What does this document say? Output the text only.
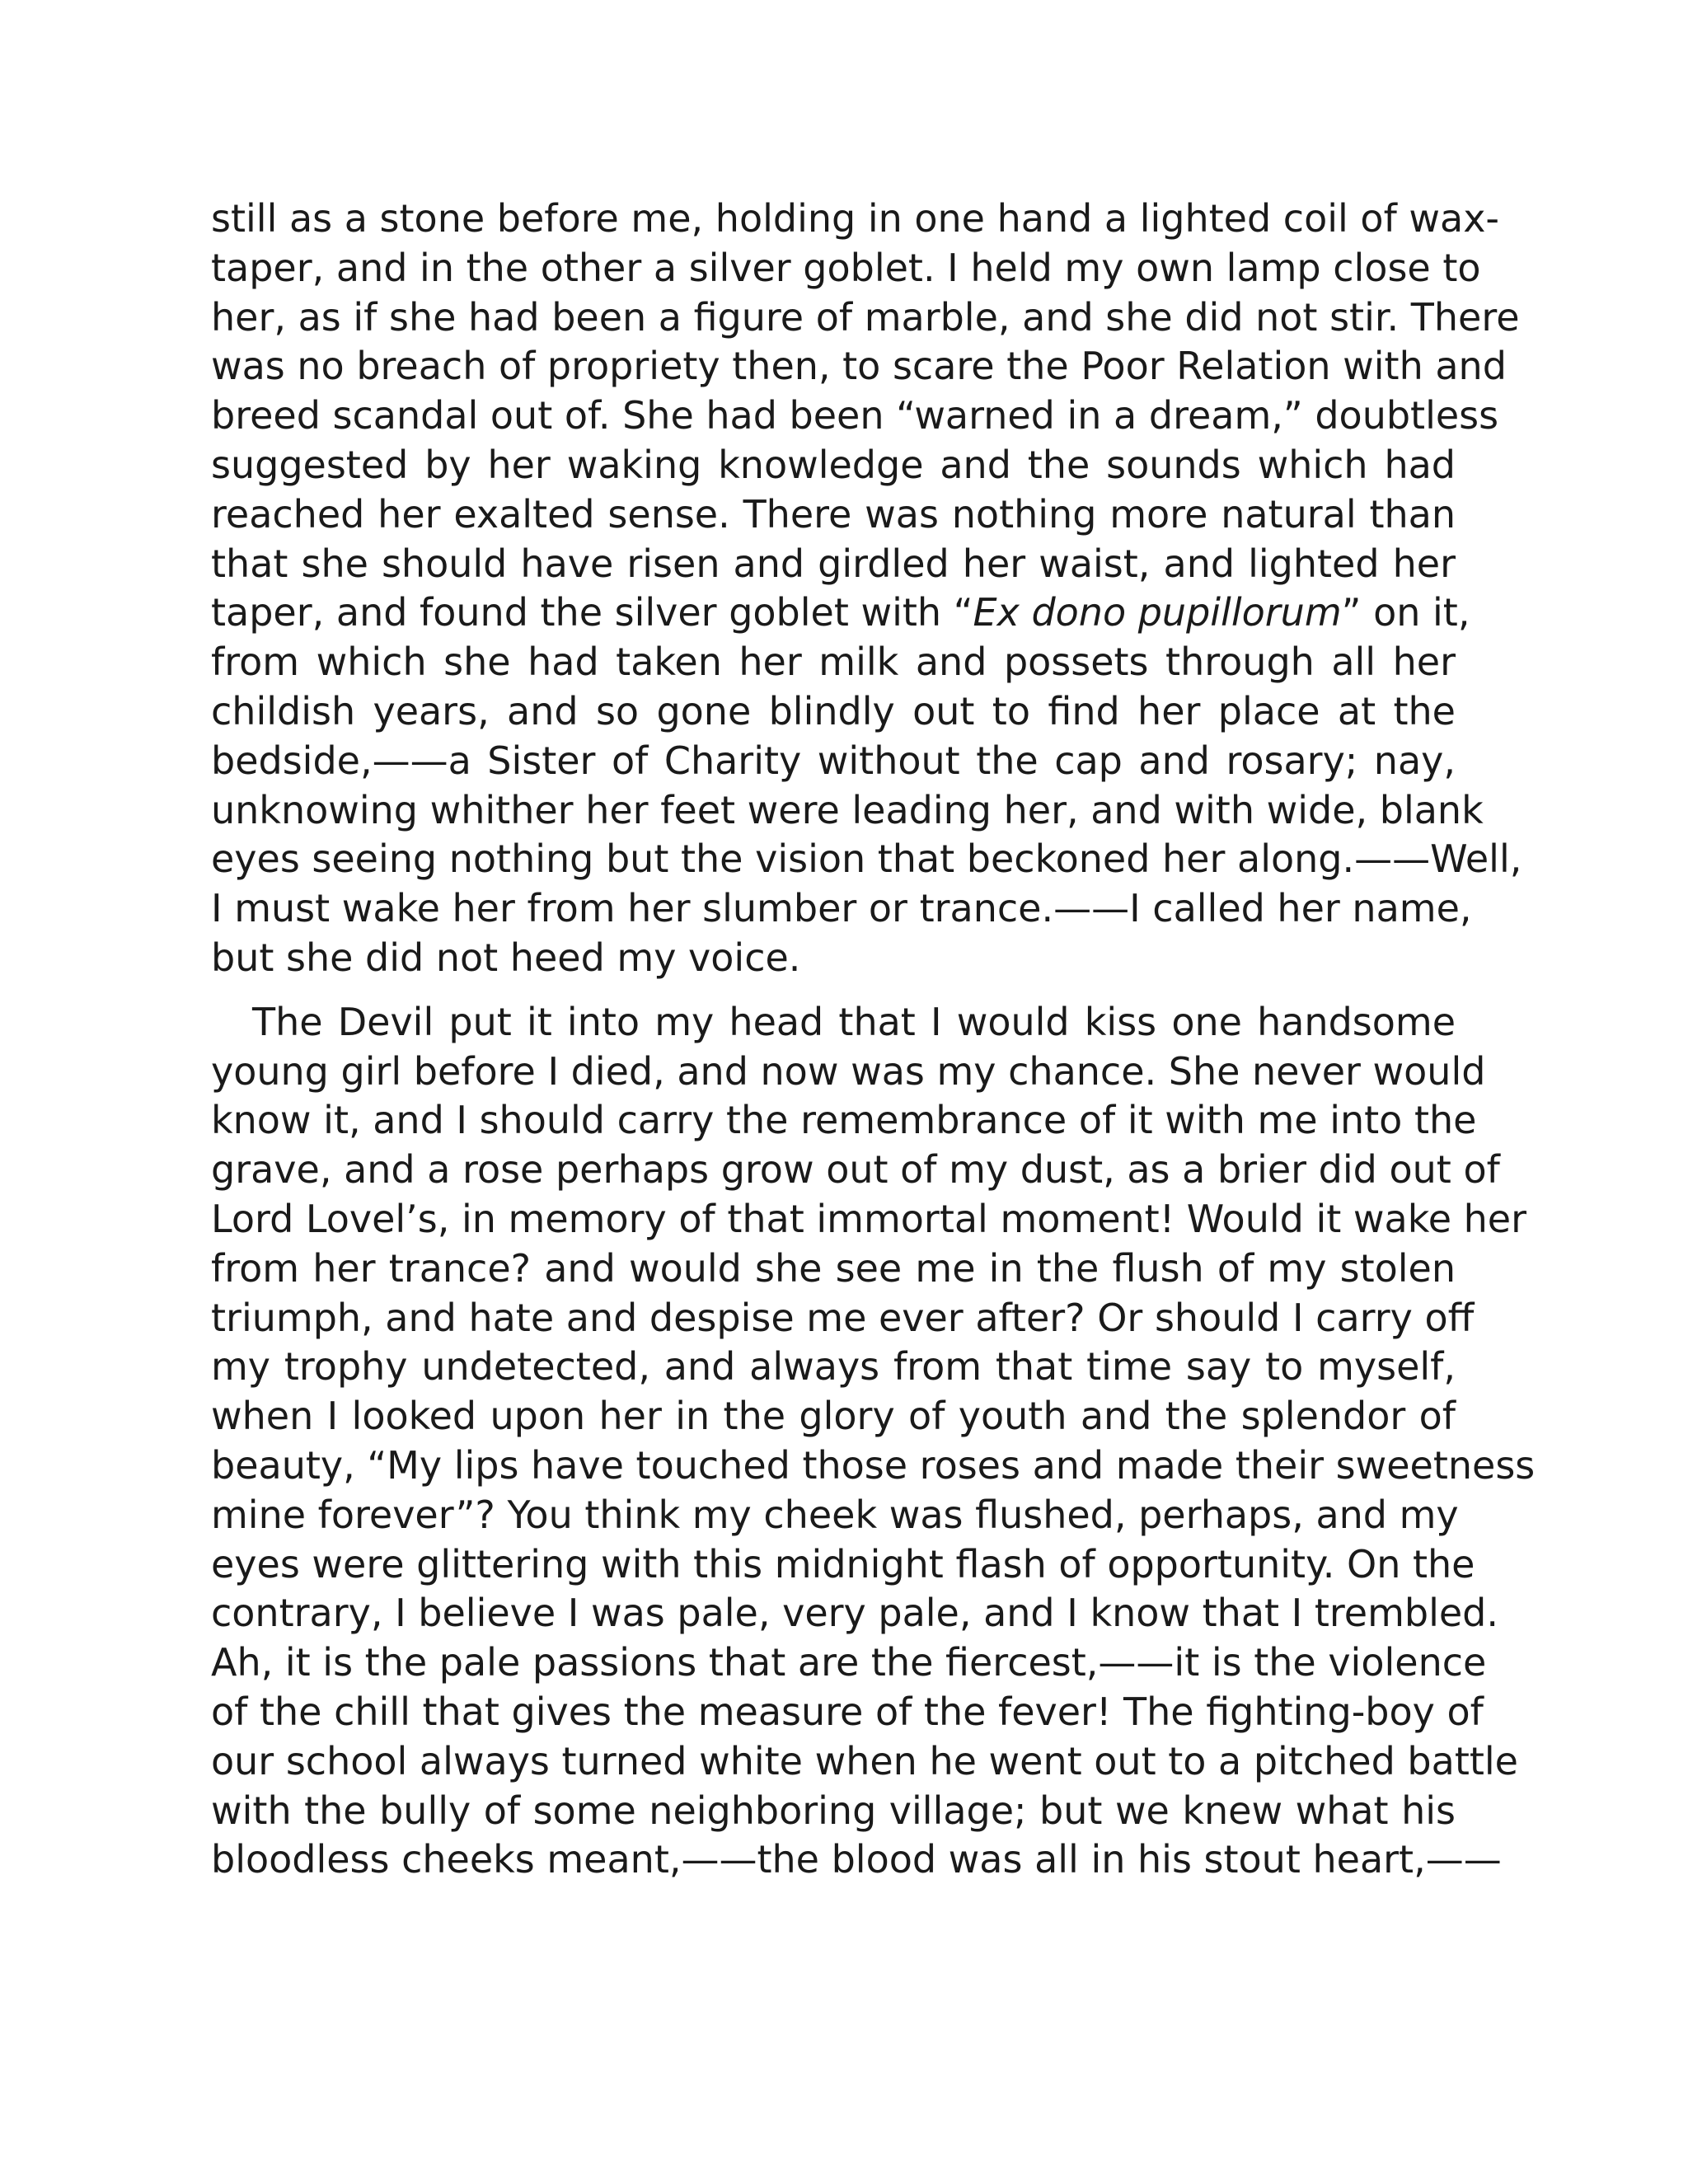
still as a stone before me, holding in one hand a lighted coil of wax-
taper, and in the other a silver goblet. I held my own lamp close to
her, as if she had been a figure of marble, and she did not stir. There
was no breach of propriety then, to scare the Poor Relation with and
breed scandal out of. She had been “warned in a dream,” doubtless
suggested by her waking knowledge and the sounds which had
reached her exalted sense. There was nothing more natural than
that she should have risen and girdled her waist, and lighted her
taper, and found the silver goblet with “Ex dono pupillorum” on it,
from which she had taken her milk and possets through all her
childish years, and so gone blindly out to find her place at the
bedside,——a Sister of Charity without the cap and rosary; nay,
unknowing whither her feet were leading her, and with wide, blank
eyes seeing nothing but the vision that beckoned her along.——Well,
I must wake her from her slumber or trance.——I called her name,
but she did not heed my voice.
The Devil put it into my head that I would kiss one handsome
young girl before I died, and now was my chance. She never would
know it, and I should carry the remembrance of it with me into the
grave, and a rose perhaps grow out of my dust, as a brier did out of
Lord Lovel’s, in memory of that immortal moment! Would it wake her
from her trance? and would she see me in the flush of my stolen
triumph, and hate and despise me ever after? Or should I carry off
my trophy undetected, and always from that time say to myself,
when I looked upon her in the glory of youth and the splendor of
beauty, “My lips have touched those roses and made their sweetness
mine forever”? You think my cheek was flushed, perhaps, and my
eyes were glittering with this midnight flash of opportunity. On the
contrary, I believe I was pale, very pale, and I know that I trembled.
Ah, it is the pale passions that are the fiercest,——it is the violence
of the chill that gives the measure of the fever! The fighting-boy of
our school always turned white when he went out to a pitched battle
with the bully of some neighboring village; but we knew what his
bloodless cheeks meant,——the blood was all in his stout heart,——
